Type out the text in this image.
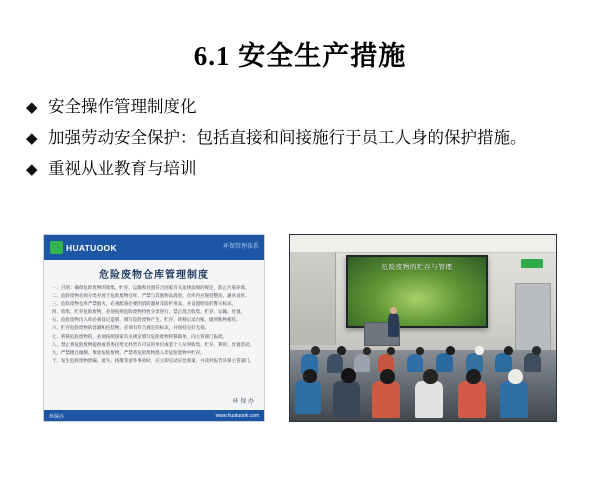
6.1 安全生产措施
◆ 安全操作管理制度化
◆ 加强劳动安全保护：包括直接和间接施行于员工人身的保护措施。
◆ 重视从业教育与培训
HUATUOOK	环保管理体系
危险废物仓库管理制度

一、目的：确保危险废物的收集、贮存、运输和处置符合国家有关法律法规的规定，防止污染环境。

二、危险废物必须分类存放于危险废物仓库，严禁与其他物品混放，仓库内应保持整洁、通风良好。

三、危险废物仓库严禁烟火，必须配备必要的消防器材及防护用品，并设置明显的警示标识。

四、收集、贮存危险废物，必须按照危险废物特性分类进行，禁止混合收集、贮存、运输、处置。

五、危险废物出入库必须登记造册，填写危险废物产生、贮存、转移记录台账，做到账物相符。

六、贮存危险废物的容器和包装物，必须有符合规定的标识，并保持完好无损。

七、转移危险废物的，必须按照国家有关规定填写危险废物转移联单，向主管部门报批。

八、禁止将危险废物提供或者委托给无经营许可证的单位或者个人从事收集、贮存、利用、处置活动。

九、严禁擅自倾倒、堆放危险废物，严禁将危险废物混入非危险废物中贮存。

十、发生危险废物泄漏、流失、扬散等意外事故时，应立即启动应急预案，并及时报告环保主管部门。

环 保 办
环保办	www.huatuook.com
危险废物的贮存与管理
